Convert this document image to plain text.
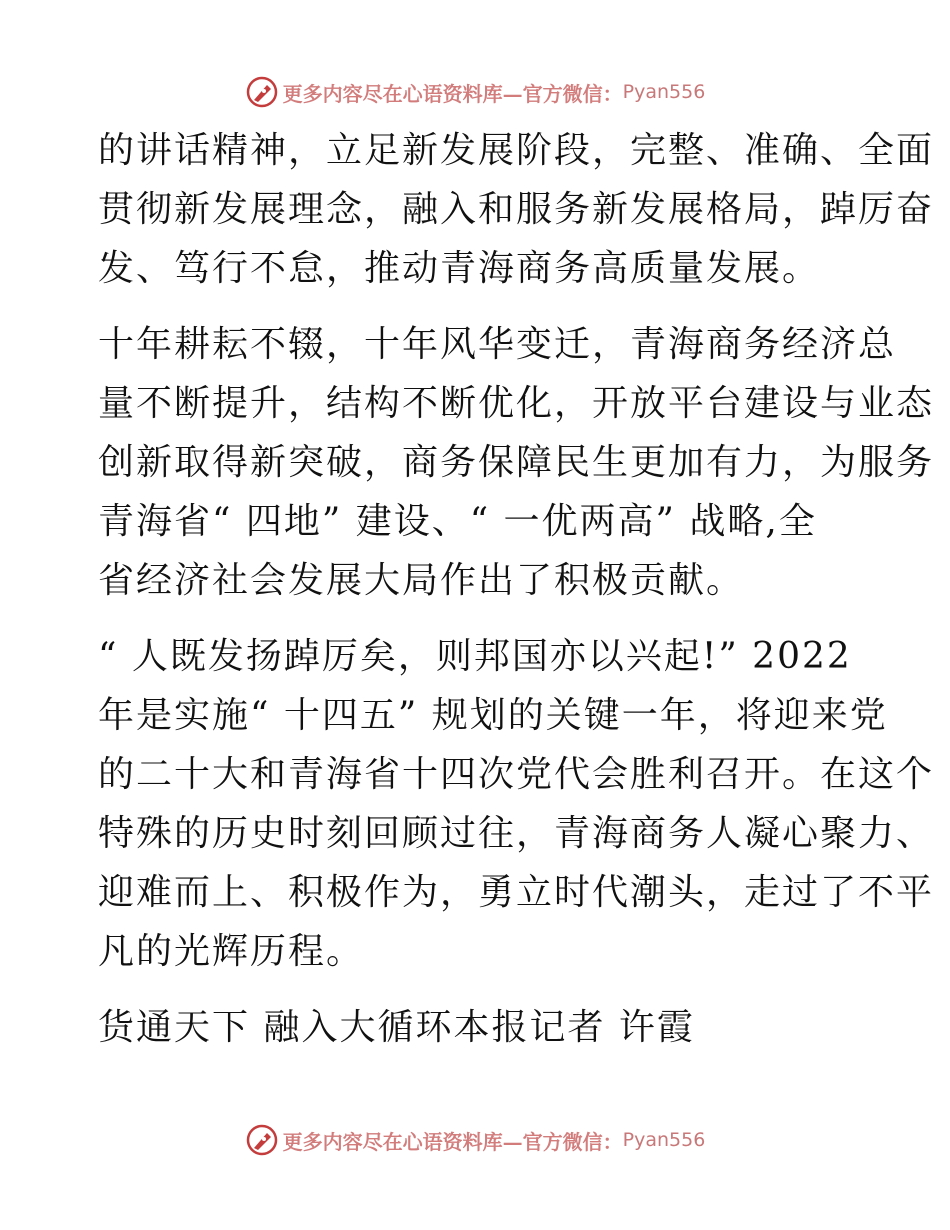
更多内容尽在心语资料库—官方微信： Pyan556

的讲话精神，立足新发展阶段，完整、准确、全面
贯彻新发展理念，融入和服务新发展格局，踔厉奋
发、笃行不怠，推动青海商务高质量发展。

十年耕耘不辍，十年风华变迁，青海商务经济总
量不断提升，结构不断优化，开放平台建设与业态
创新取得新突破，商务保障民生更加有力，为服务
青海省“ 四地” 建设、“ 一优两高” 战略,全
省经济社会发展大局作出了积极贡献。

“ 人既发扬踔厉矣，则邦国亦以兴起!” 2022
年是实施“ 十四五” 规划的关键一年，将迎来党
的二十大和青海省十四次党代会胜利召开。在这个
特殊的历史时刻回顾过往，青海商务人凝心聚力、
迎难而上、积极作为，勇立时代潮头，走过了不平
凡的光辉历程。

货通天下 融入大循环本报记者 许霞

更多内容尽在心语资料库—官方微信： Pyan556
